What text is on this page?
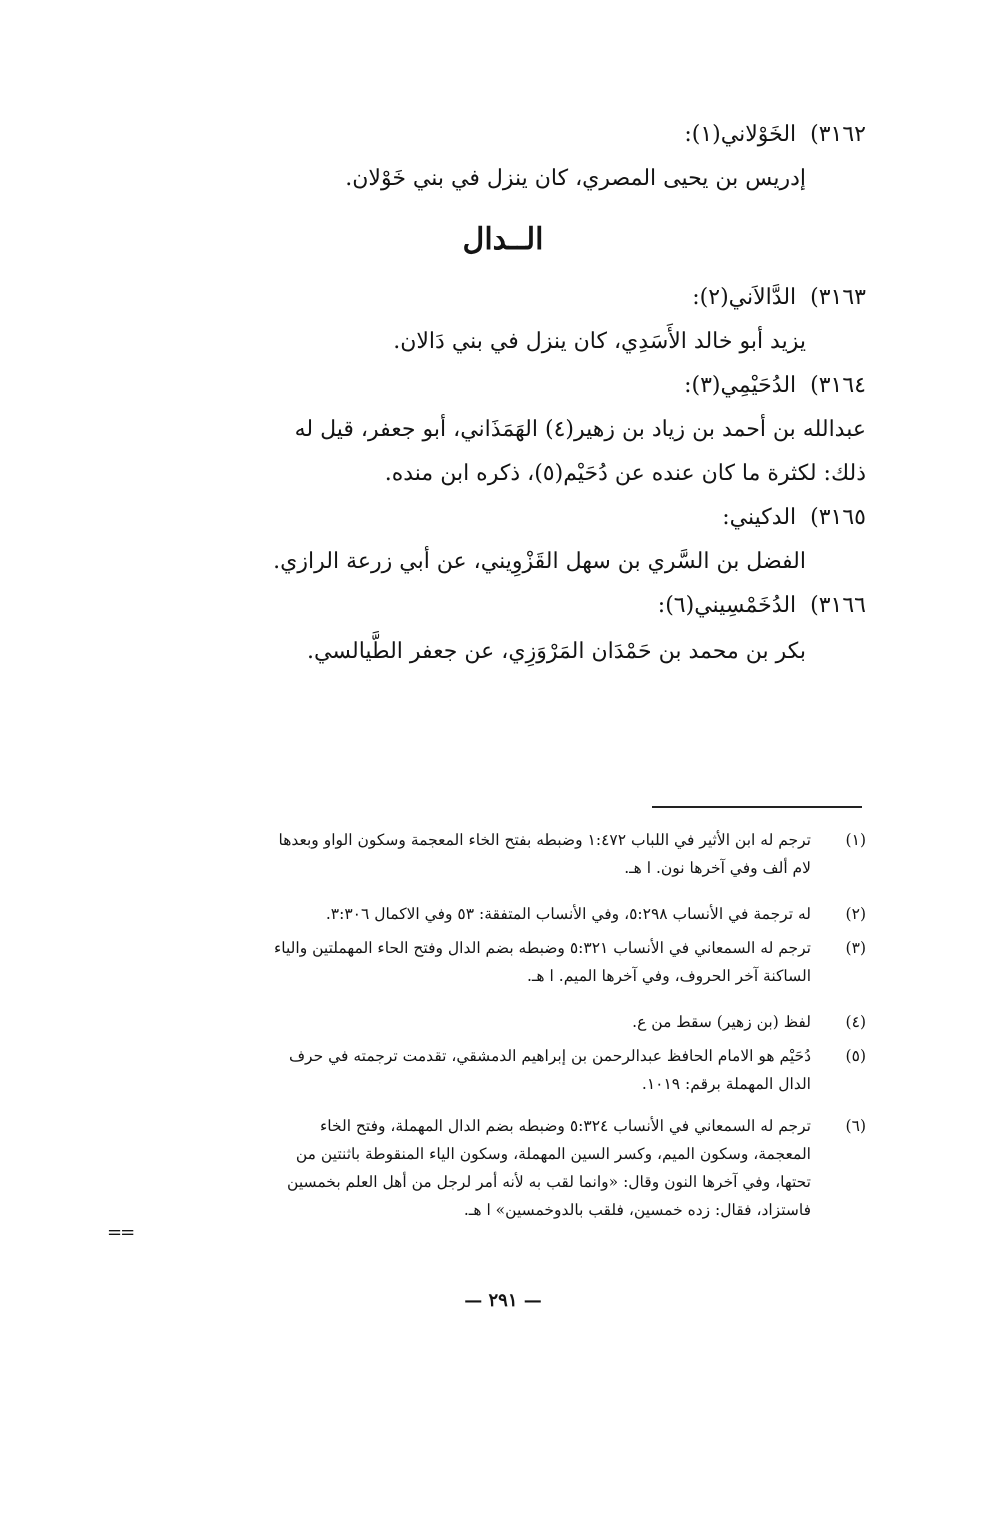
٣١٦٢)الخَوْلاني(١):
إدريس بن يحيى المصري، كان ينزل في بني خَوْلان.
الــدال
٣١٦٣)الدَّالاَني(٢):
يزيد أبو خالد الأَسَدِي، كان ينزل في بني دَالان.
٣١٦٤)الدُحَيْمِي(٣):
عبدالله بن أحمد بن زياد بن زهير(٤) الهَمَذَاني، أبو جعفر، قيل له
ذلك: لكثرة ما كان عنده عن دُحَيْم(٥)، ذكره ابن منده.
٣١٦٥)الدكيني:
الفضل بن السَّري بن سهل القَزْوِيني، عن أبي زرعة الرازي.
٣١٦٦)الدُخَمْسِيني(٦):
بكر بن محمد بن حَمْدَان المَرْوَزِي، عن جعفر الطَّيالسي.
(١)
ترجم له ابن الأثير في اللباب ١:٤٧٢ وضبطه بفتح الخاء المعجمة وسكون الواو وبعدها
لام ألف وفي آخرها نون. ا هـ.
(٢)
له ترجمة في الأنساب ٥:٢٩٨، وفي الأنساب المتفقة: ٥٣ وفي الاكمال ٣:٣٠٦.
(٣)
ترجم له السمعاني في الأنساب ٥:٣٢١ وضبطه بضم الدال وفتح الحاء المهملتين والياء
الساكنة آخر الحروف، وفي آخرها الميم. ا هـ.
(٤)
لفظ (بن زهير) سقط من ع.
(٥)
دُحَيْم هو الامام الحافظ عبدالرحمن بن إبراهيم الدمشقي، تقدمت ترجمته في حرف
الدال المهملة برقم: ١٠١٩.
(٦)
ترجم له السمعاني في الأنساب ٥:٣٢٤ وضبطه بضم الدال المهملة، وفتح الخاء
المعجمة، وسكون الميم، وكسر السين المهملة، وسكون الياء المنقوطة باثنتين من
تحتها، وفي آخرها النون وقال: «وانما لقب به لأنه أمر لرجل من أهل العلم بخمسين
فاستزاد، فقال: زده خمسين، فلقب بالدوخمسين» ا هـ.
==
— ٢٩١ —
